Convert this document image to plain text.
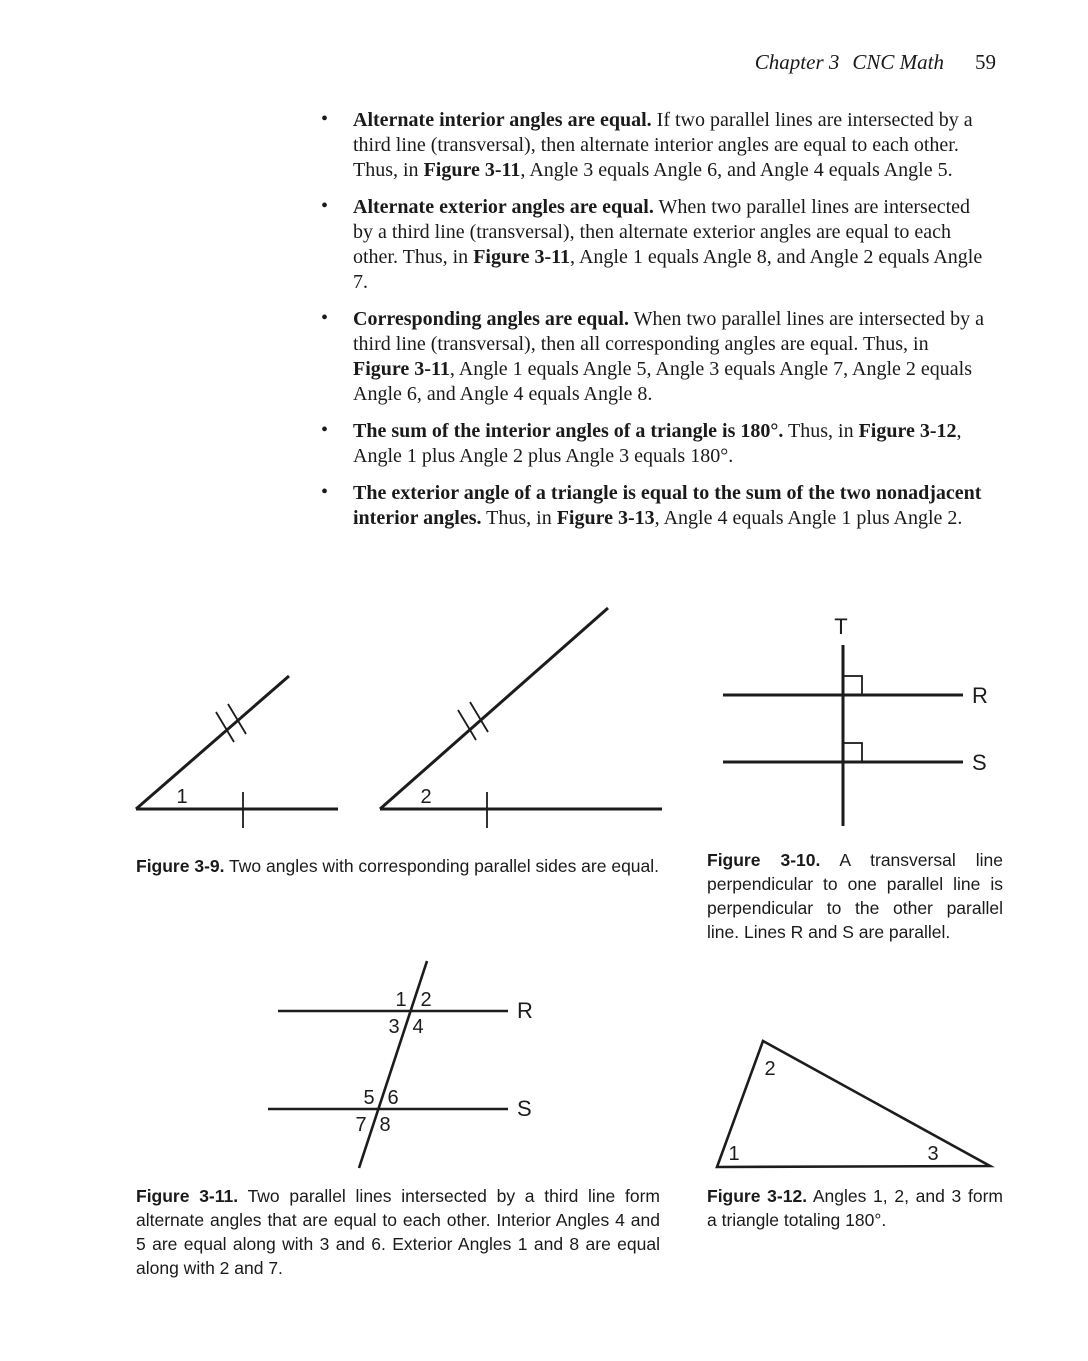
Chapter 3 CNC Math 59
• Alternate interior angles are equal. If two parallel lines are intersected by a third line (transversal), then alternate interior angles are equal to each other. Thus, in Figure 3-11, Angle 3 equals Angle 6, and Angle 4 equals Angle 5.
• Alternate exterior angles are equal. When two parallel lines are intersected by a third line (transversal), then alternate exterior angles are equal to each other. Thus, in Figure 3-11, Angle 1 equals Angle 8, and Angle 2 equals Angle 7.
• Corresponding angles are equal. When two parallel lines are intersected by a third line (transversal), then all corresponding angles are equal. Thus, in Figure 3-11, Angle 1 equals Angle 5, Angle 3 equals Angle 7, Angle 2 equals Angle 6, and Angle 4 equals Angle 8.
• The sum of the interior angles of a triangle is 180°. Thus, in Figure 3-12, Angle 1 plus Angle 2 plus Angle 3 equals 180°.
• The exterior angle of a triangle is equal to the sum of the two nonadjacent interior angles. Thus, in Figure 3-13, Angle 4 equals Angle 1 plus Angle 2.
1	2
T
R
S
1 2
3 4
5 6
7 8
R
S
1
2
3
Figure 3-9. Two angles with corresponding parallel sides are equal.	Figure 3-10. A transversal line perpendicular to one parallel line is perpendicular to the other parallel line. Lines R and S are parallel.
Figure 3-11. Two parallel lines intersected by a third line form alternate angles that are equal to each other. Interior Angles 4 and 5 are equal along with 3 and 6. Exterior Angles 1 and 8 are equal along with 2 and 7.
Figure 3-12. Angles 1, 2, and 3 form a triangle totaling 180°.
